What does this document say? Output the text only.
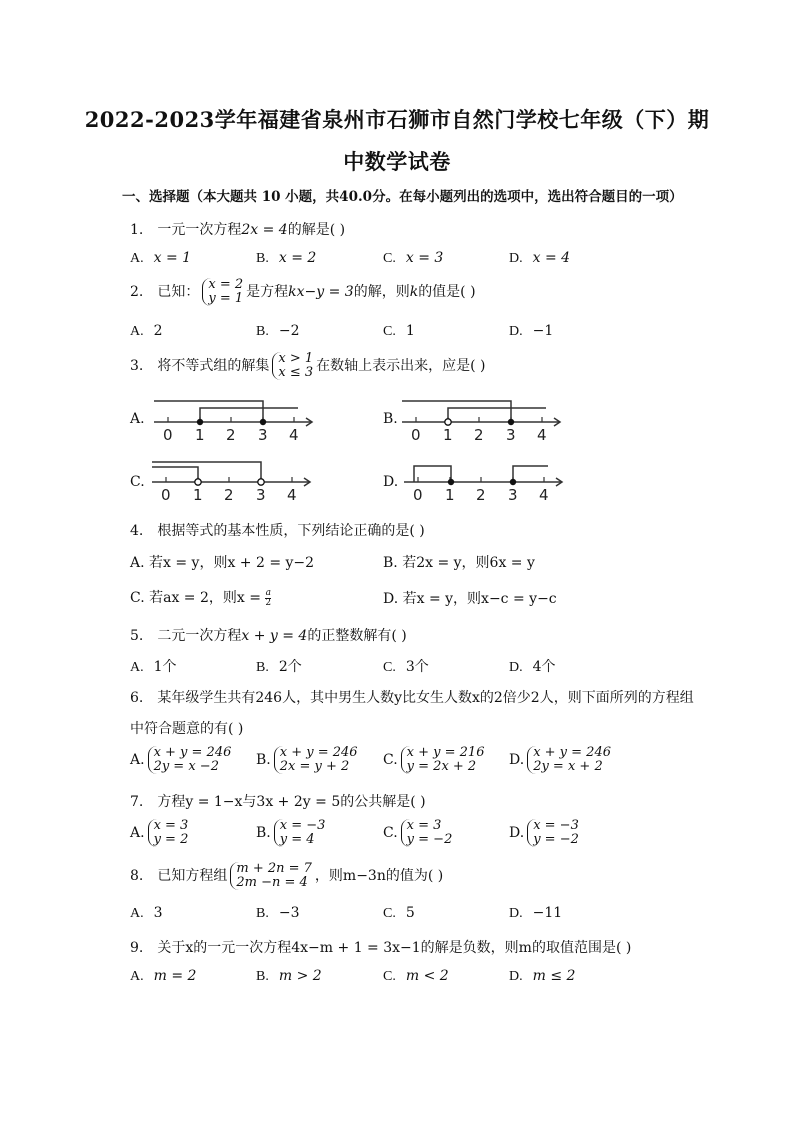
2022-2023学年福建省泉州市石狮市自然门学校七年级（下）期
中数学试卷
一、选择题（本大题共 10 小题，共40.0分。在每小题列出的选项中，选出符合题目的一项）
1. 一元一次方程2x = 4的解是( )
A. x = 1	B. x = 2	C. x = 3	D. x = 4
2. 已知： x = 2
y = 1 是方程kx−y = 3的解，则k的值是( )
A. 2	B. −2	C. 1	D. −1
3. 将不等式组的解集 x > 1
x ≤ 3 在数轴上表示出来，应是( )
A.
0 1 2 3 4
B.
0 1 2 3 4
C.
0 1 2 3 4
D.
0 1 2 3 4
4. 根据等式的基本性质，下列结论正确的是( )
A. 若x = y，则x + 2 = y−2	B. 若2x = y，则6x = y
C. 若ax = 2，则$x = \frac{a}{2}$	D. 若x = y，则x−c = y−c
5. 二元一次方程x + y = 4的正整数解有( )
A. 1个	B. 2个	C. 3个	D. 4个
6. 某年级学生共有246人，其中男生人数y比女生人数x的2倍少2人，则下面所列的方程组
中符合题意的有( )
A. x + y = 246
2y = x −2	B. x + y = 246
2x = y + 2	C. x + y = 216
y = 2x + 2	D. x + y = 246
2y = x + 2
7. 方程y = 1−x与3x + 2y = 5的公共解是( )
A. x = 3
y = 2	B. x = −3
y = 4	C. x = 3
y = −2	D. x = −3
y = −2
8. 已知方程组 m + 2n = 7
2m −n = 4 ，则m−3n的值为( )
A. 3	B. −3	C. 5	D. −11
9. 关于x的一元一次方程4x−m + 1 = 3x−1的解是负数，则m的取值范围是( )
A. m = 2	B. m > 2	C. m < 2	D. m ≤ 2
